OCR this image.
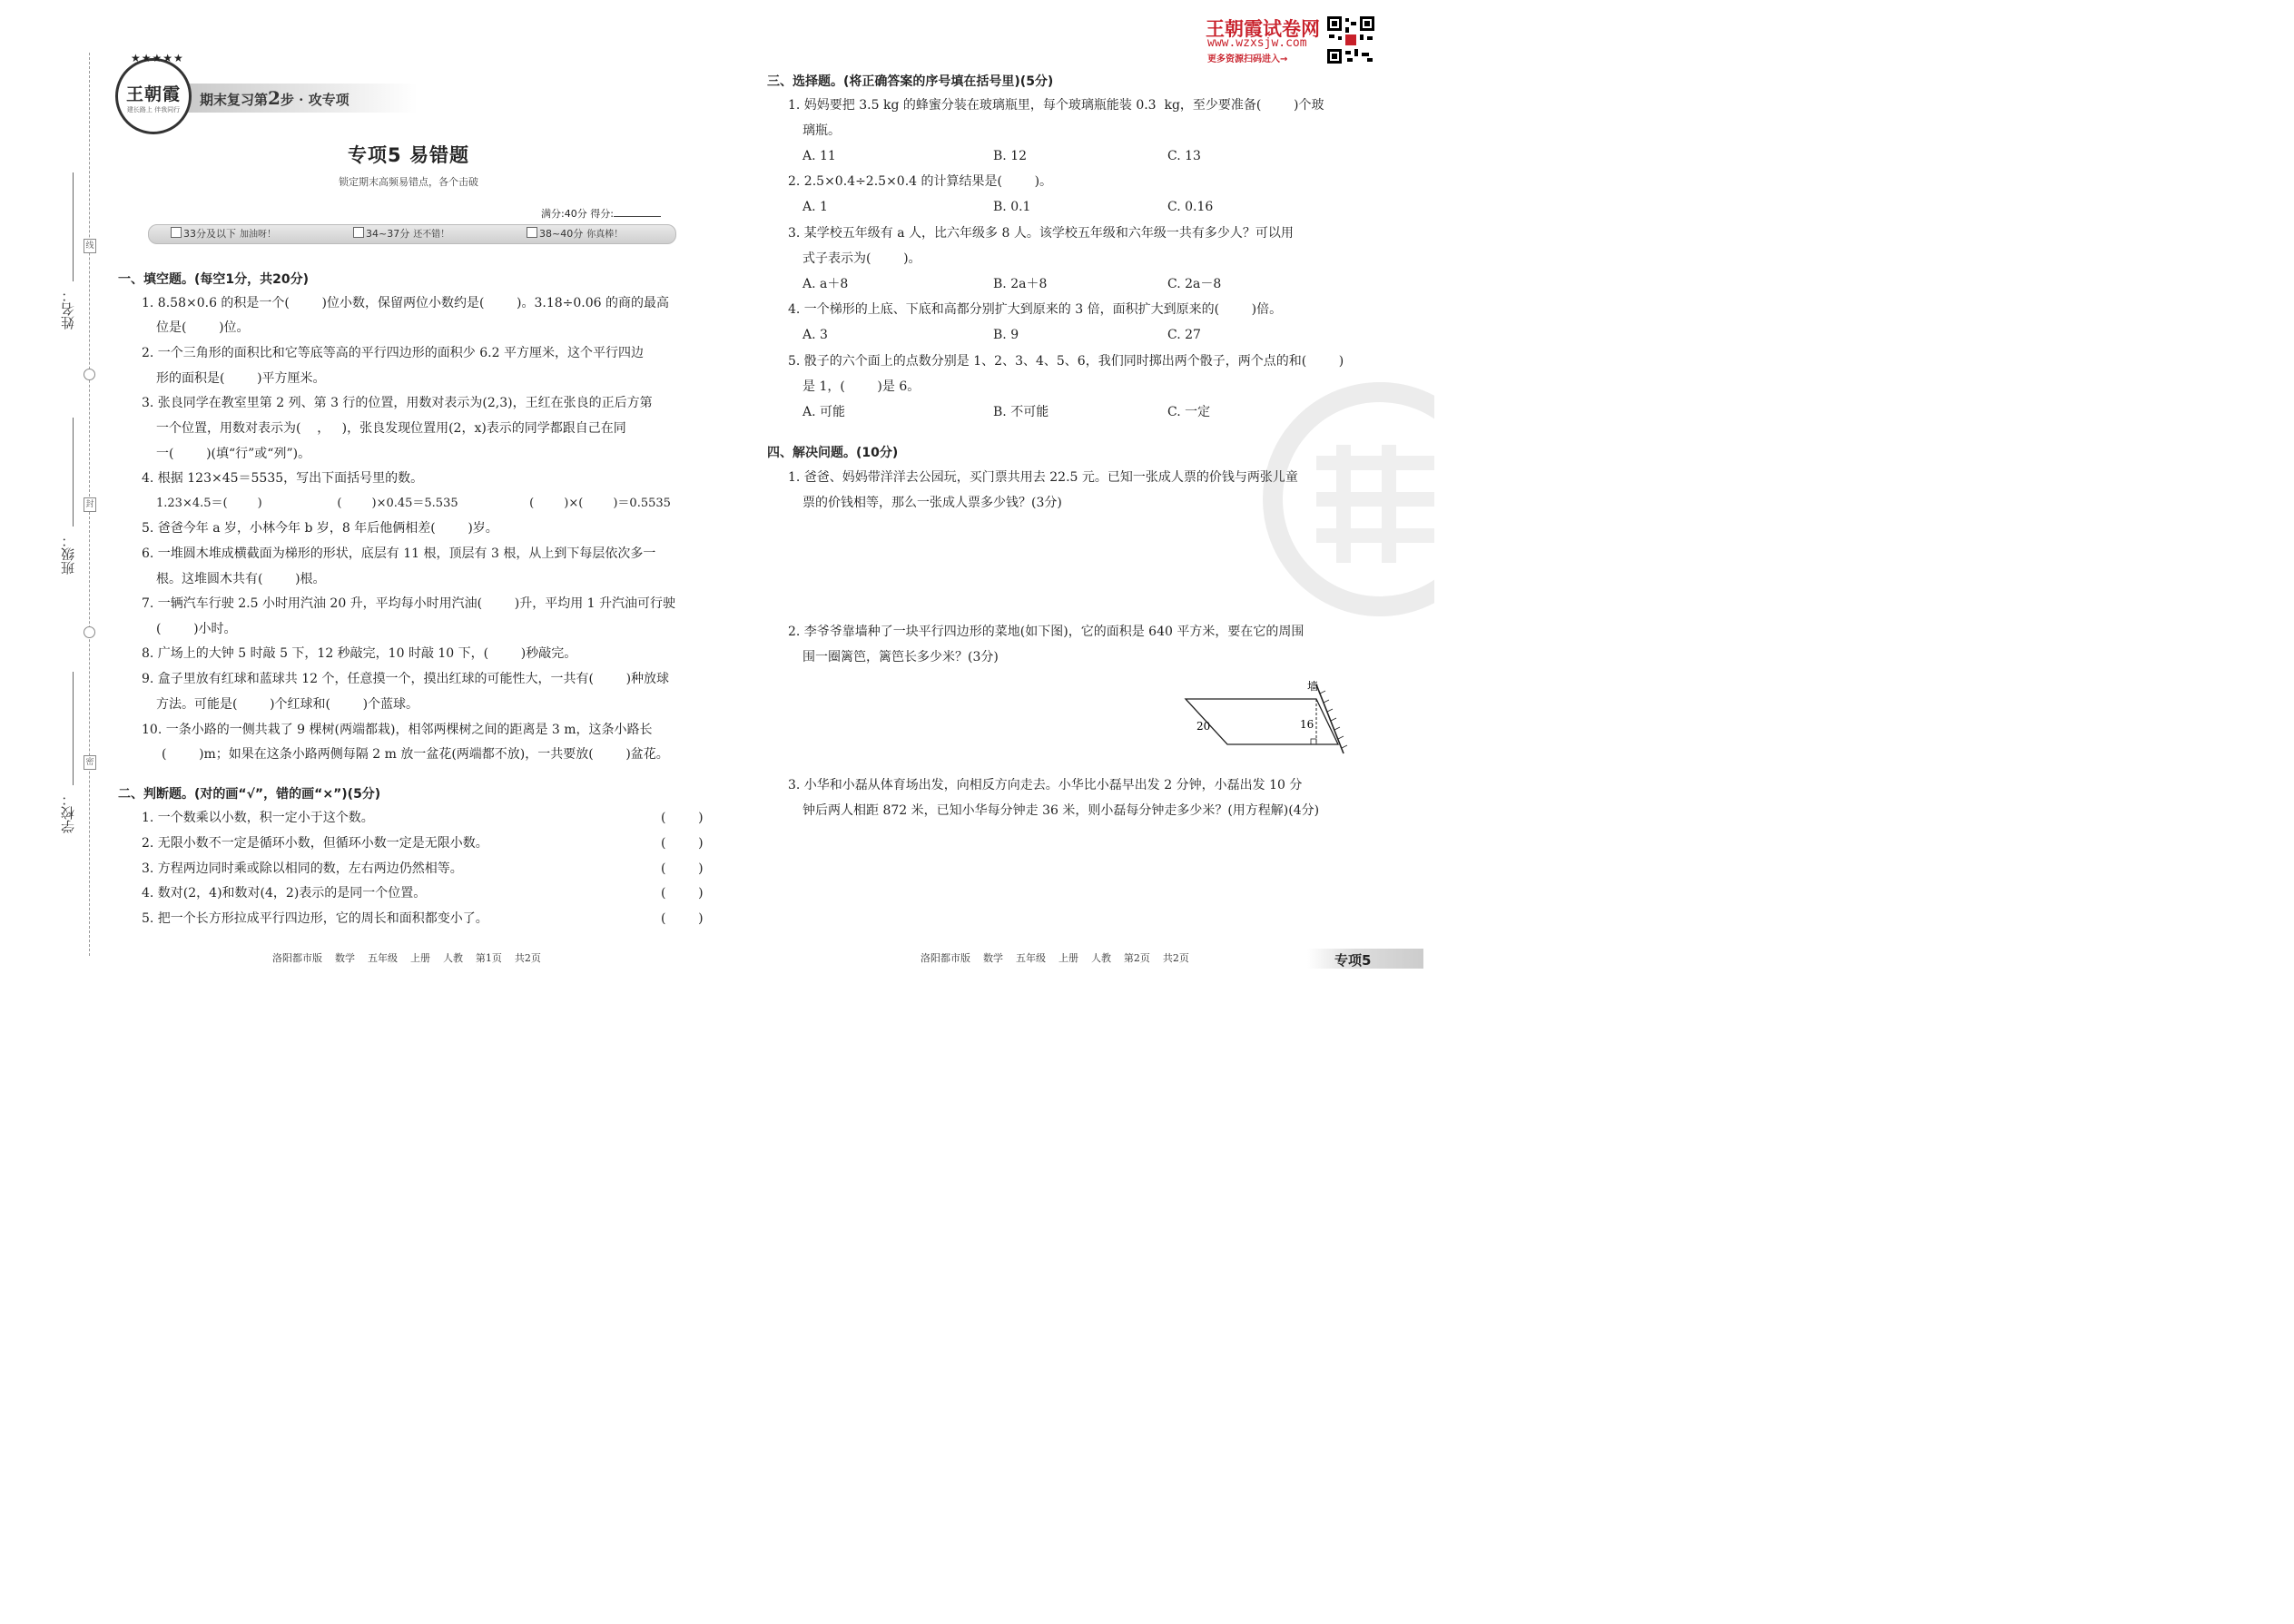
姓名：
班级：
学校：
线
封
密
期末复习第2步 · 攻专项
★★★★★
王朝霞
建长路上 伴我同行
专项5 易错题
锁定期末高频易错点，各个击破
满分:40分 得分:
33分及以下 加油呀！	34~37分 还不错！	38~40分 你真棒！
一、填空题。(每空1分，共20分)
1. 8.58×0.6 的积是一个(        )位小数，保留两位小数约是(        )。3.18÷0.06 的商的最高
位是(        )位。
2. 一个三角形的面积比和它等底等高的平行四边形的面积少 6.2 平方厘米，这个平行四边
形的面积是(        )平方厘米。
3. 张良同学在教室里第 2 列、第 3 行的位置，用数对表示为(2,3)，王红在张良的正后方第
一个位置，用数对表示为(    ，   )，张良发现位置用(2，x)表示的同学都跟自己在同
一(        )(填“行”或“列”)。
4. 根据 123×45＝5535，写出下面括号里的数。
1.23×4.5＝(        )                    (        )×0.45＝5.535                   (        )×(        )＝0.5535
5. 爸爸今年 a 岁，小林今年 b 岁，8 年后他俩相差(        )岁。
6. 一堆圆木堆成横截面为梯形的形状，底层有 11 根，顶层有 3 根，从上到下每层依次多一
根。这堆圆木共有(        )根。
7. 一辆汽车行驶 2.5 小时用汽油 20 升，平均每小时用汽油(        )升，平均用 1 升汽油可行驶
(        )小时。
8. 广场上的大钟 5 时敲 5 下，12 秒敲完，10 时敲 10 下，(        )秒敲完。
9. 盒子里放有红球和蓝球共 12 个，任意摸一个，摸出红球的可能性大，一共有(        )种放球
方法。可能是(        )个红球和(        )个蓝球。
10. 一条小路的一侧共栽了 9 棵树(两端都栽)，相邻两棵树之间的距离是 3 m，这条小路长
(        )m；如果在这条小路两侧每隔 2 m 放一盆花(两端都不放)，一共要放(        )盆花。
二、判断题。(对的画“√”，错的画“×”)(5分)
1. 一个数乘以小数，积一定小于这个数。	(        )
2. 无限小数不一定是循环小数，但循环小数一定是无限小数。	(        )
3. 方程两边同时乘或除以相同的数，左右两边仍然相等。	(        )
4. 数对(2，4)和数对(4，2)表示的是同一个位置。	(        )
5. 把一个长方形拉成平行四边形，它的周长和面积都变小了。	(        )
王朝霞试卷网
www.wzxsjw.com
更多资源扫码进入→
三、选择题。(将正确答案的序号填在括号里)(5分)
1. 妈妈要把 3.5 kg 的蜂蜜分装在玻璃瓶里，每个玻璃瓶能装 0.3  kg，至少要准备(        )个玻
璃瓶。
A. 11	B. 12	C. 13
2. 2.5×0.4÷2.5×0.4 的计算结果是(        )。
A. 1	B. 0.1	C. 0.16
3. 某学校五年级有 a 人，比六年级多 8 人。该学校五年级和六年级一共有多少人？可以用
式子表示为(        )。
A. a＋8	B. 2a＋8	C. 2a－8
4. 一个梯形的上底、下底和高都分别扩大到原来的 3 倍，面积扩大到原来的(        )倍。
A. 3	B. 9	C. 27
5. 骰子的六个面上的点数分别是 1、2、3、4、5、6，我们同时掷出两个骰子，两个点的和(        )
是 1，(        )是 6。
A. 可能	B. 不可能	C. 一定
四、解决问题。(10分)
1. 爸爸、妈妈带洋洋去公园玩，买门票共用去 22.5 元。已知一张成人票的价钱与两张儿童
票的价钱相等，那么一张成人票多少钱？(3分)
2. 李爷爷靠墙种了一块平行四边形的菜地(如下图)，它的面积是 640 平方米，要在它的周围
围一圈篱笆，篱笆长多少米？(3分)
3. 小华和小磊从体育场出发，向相反方向走去。小华比小磊早出发 2 分钟，小磊出发 10 分
钟后两人相距 872 米，已知小华每分钟走 36 米，则小磊每分钟走多少米？(用方程解)(4分)
墙
20	16
洛阳都市版    数学    五年级    上册    人教    第1页    共2页	洛阳都市版    数学    五年级    上册    人教    第2页    共2页	专项5
